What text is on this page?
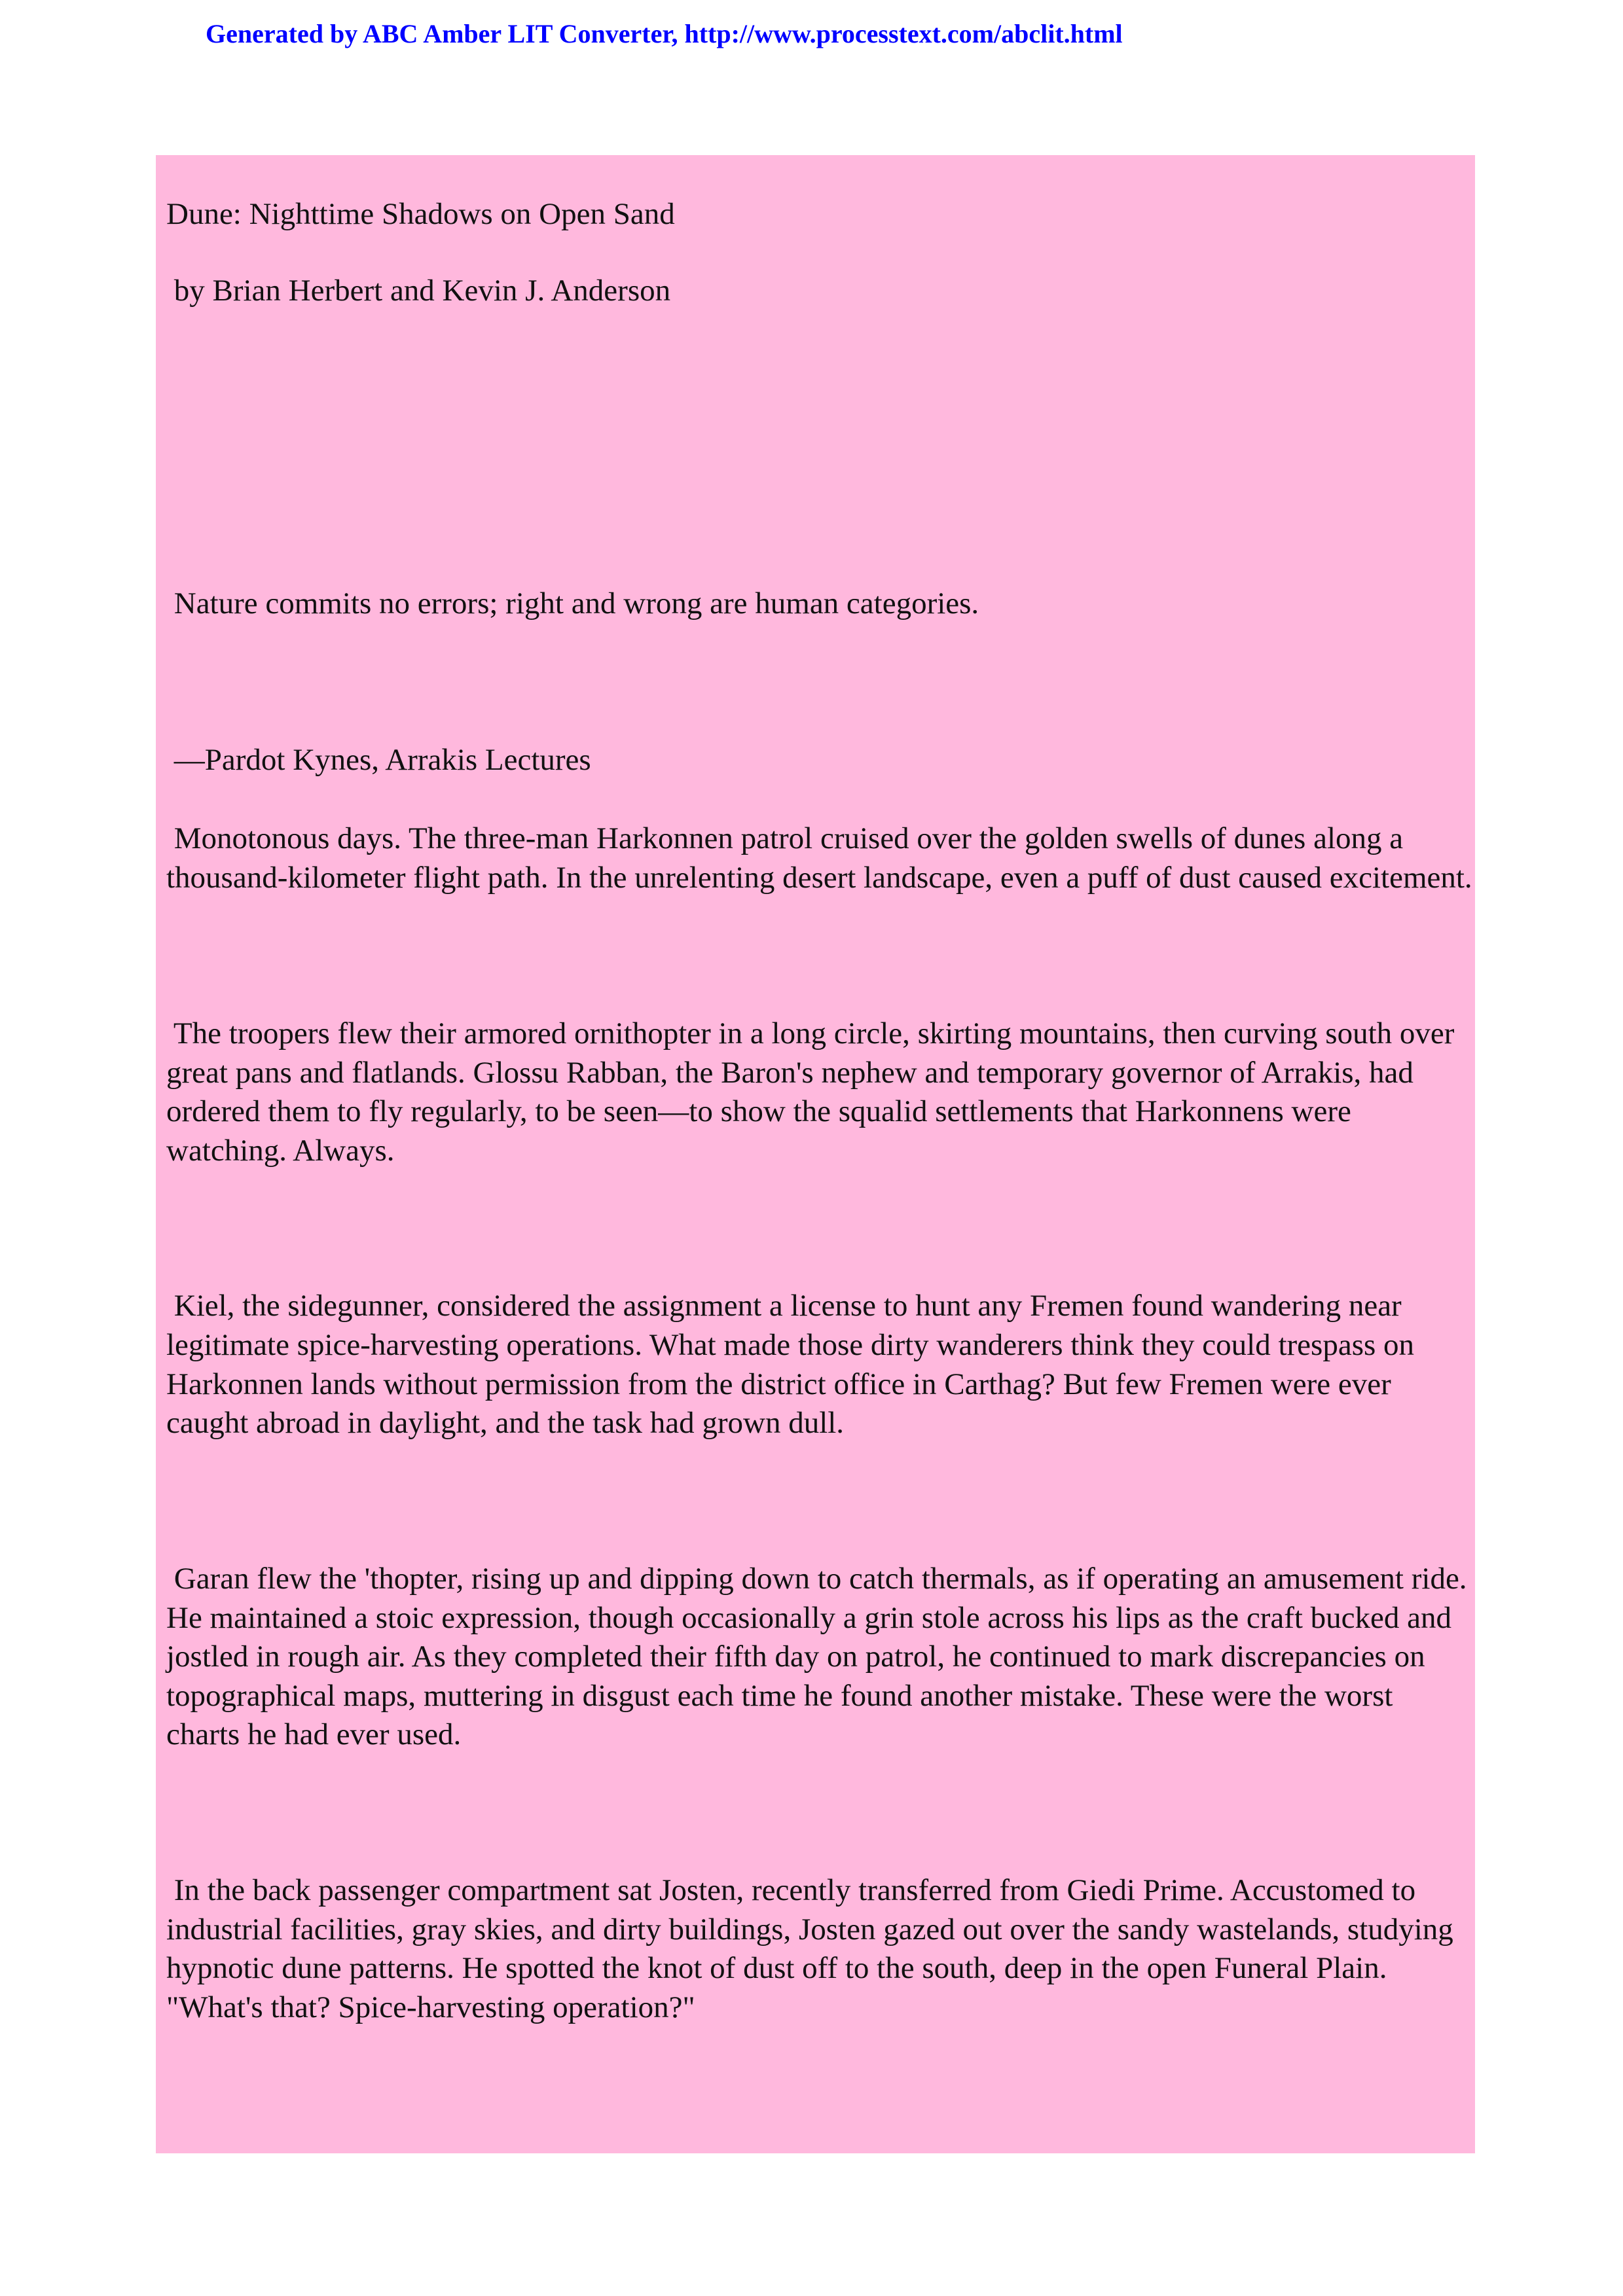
Generated by ABC Amber LIT Converter, http://www.processtext.com/abclit.html
Dune: Nighttime Shadows on Open Sand
by Brian Herbert and Kevin J. Anderson
Nature commits no errors; right and wrong are human categories.
—Pardot Kynes, Arrakis Lectures
Monotonous days. The three-man Harkonnen patrol cruised over the golden swells of dunes along a
thousand-kilometer flight path. In the unrelenting desert landscape, even a puff of dust caused excitement.
The troopers flew their armored ornithopter in a long circle, skirting mountains, then curving south over
great pans and flatlands. Glossu Rabban, the Baron's nephew and temporary governor of Arrakis, had
ordered them to fly regularly, to be seen—to show the squalid settlements that Harkonnens were
watching. Always.
Kiel, the sidegunner, considered the assignment a license to hunt any Fremen found wandering near
legitimate spice-harvesting operations. What made those dirty wanderers think they could trespass on
Harkonnen lands without permission from the district office in Carthag? But few Fremen were ever
caught abroad in daylight, and the task had grown dull.
Garan flew the 'thopter, rising up and dipping down to catch thermals, as if operating an amusement ride.
He maintained a stoic expression, though occasionally a grin stole across his lips as the craft bucked and
jostled in rough air. As they completed their fifth day on patrol, he continued to mark discrepancies on
topographical maps, muttering in disgust each time he found another mistake. These were the worst
charts he had ever used.
In the back passenger compartment sat Josten, recently transferred from Giedi Prime. Accustomed to
industrial facilities, gray skies, and dirty buildings, Josten gazed out over the sandy wastelands, studying
hypnotic dune patterns. He spotted the knot of dust off to the south, deep in the open Funeral Plain.
"What's that? Spice-harvesting operation?"
